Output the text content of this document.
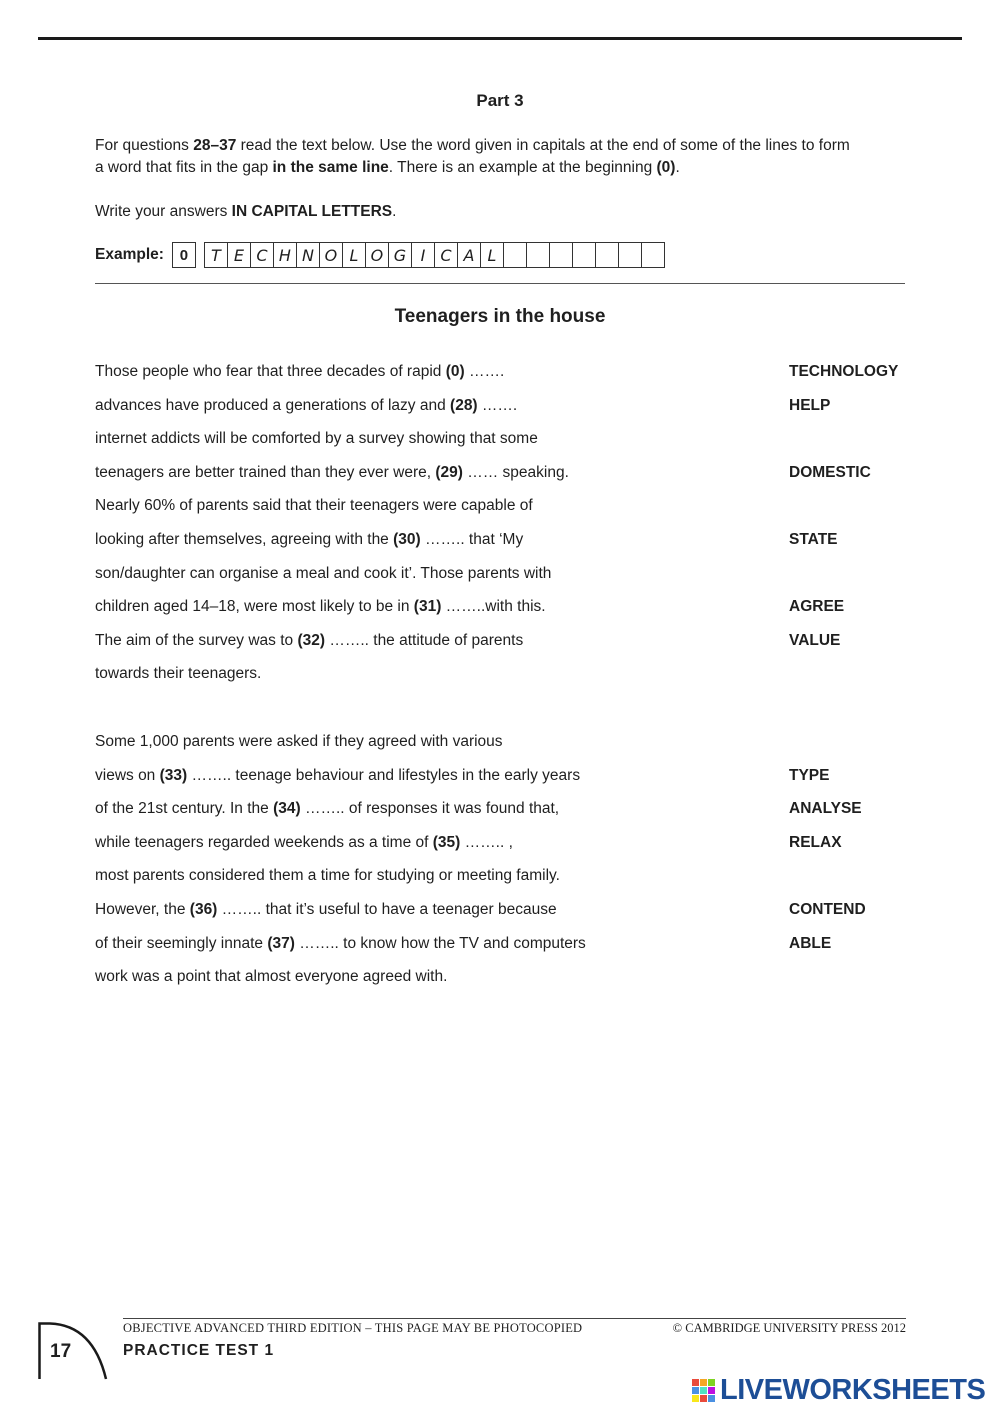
Part 3
For questions 28–37 read the text below. Use the word given in capitals at the end of some of the lines to form
a word that fits in the gap in the same line. There is an example at the beginning (0).
Write your answers IN CAPITAL LETTERS.
Example:	0	T E C H N O L O G I C A L
Teenagers in the house
Those people who fear that three decades of rapid (0) …….	TECHNOLOGY
advances have produced a generations of lazy and (28) …….	HELP
internet addicts will be comforted by a survey showing that some
teenagers are better trained than they ever were, (29) …… speaking.	DOMESTIC
Nearly 60% of parents said that their teenagers were capable of
looking after themselves, agreeing with the (30) …….. that ‘My	STATE
son/daughter can organise a meal and cook it’. Those parents with
children aged 14–18, were most likely to be in (31) ……..with this.	AGREE
The aim of the survey was to (32) …….. the attitude of parents	VALUE
towards their teenagers.
Some 1,000 parents were asked if they agreed with various
views on (33) …….. teenage behaviour and lifestyles in the early years	TYPE
of the 21st century. In the (34) …….. of responses it was found that,	ANALYSE
while teenagers regarded weekends as a time of (35) …….. ,	RELAX
most parents considered them a time for studying or meeting family.
However, the (36) …….. that it’s useful to have a teenager because	CONTEND
of their seemingly innate (37) …….. to know how the TV and computers	ABLE
work was a point that almost everyone agreed with.
OBJECTIVE ADVANCED THIRD EDITION – THIS PAGE MAY BE PHOTOCOPIED	© CAMBRIDGE UNIVERSITY PRESS 2012
PRACTICE TEST 1
17
LIVEWORKSHEETS
